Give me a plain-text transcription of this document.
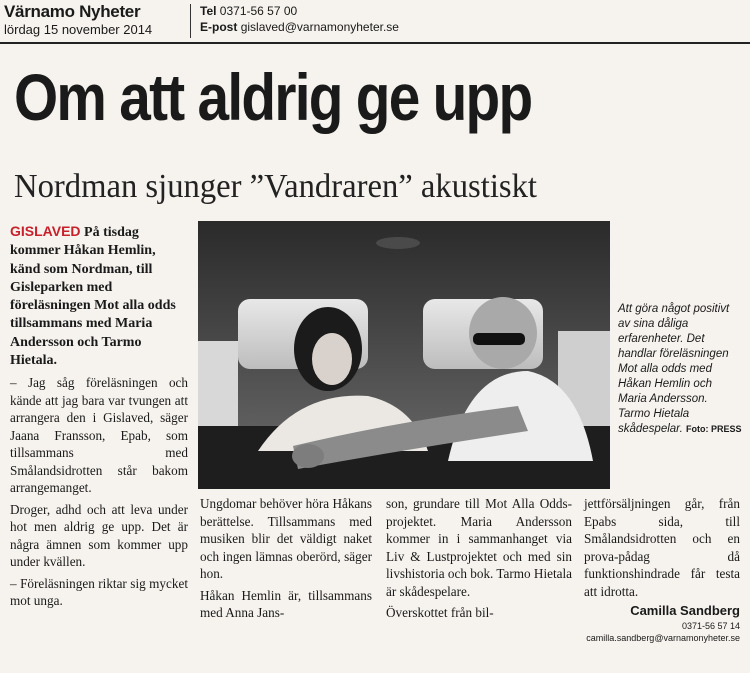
Värnamo Nyheter
lördag 15 november 2014
Tel 0371-56 57 00
E-post gislaved@varnamonyheter.se
Om att aldrig ge upp
Nordman sjunger ”Vandraren” akustiskt

GISLAVED På tisdag kommer Håkan Hemlin, känd som Nordman, till Gisleparken med föreläsningen Mot alla odds tillsammans med Maria Andersson och Tarmo Hietala.

– Jag såg föreläsningen och kände att jag bara var tvungen att arrangera den i Gislaved, säger Jaana Fransson, Epab, som tillsammans med Smålandsidrotten står bakom arrangemanget.

Droger, adhd och att leva under hot men aldrig ge upp. Det är några ämnen som kommer upp under kvällen.

– Föreläsningen riktar sig mycket mot unga.

Att göra något positivt av sina dåliga erfarenheter. Det handlar föreläsningen Mot alla odds med Håkan Hemlin och Maria Andersson. Tarmo Hietala skådespelar. Foto: PRESS

Ungdomar behöver höra Håkans berättelse. Tillsammans med musiken blir det väldigt naket och ingen lämnas oberörd, säger hon.

Håkan Hemlin är, tillsammans med Anna Jans-

son, grundare till Mot Alla Odds-projektet. Maria Andersson kommer in i sammanhanget via Liv & Lustprojektet och med sin livshistoria och bok. Tarmo Hietala är skådespelare.

Överskottet från bil-

jettförsäljningen går, från Epabs sida, till Smålandsidrotten och en prova-pådag då funktionshindrade får testa att idrotta.

Camilla Sandberg
0371-56 57 14
camilla.sandberg@varnamonyheter.se
